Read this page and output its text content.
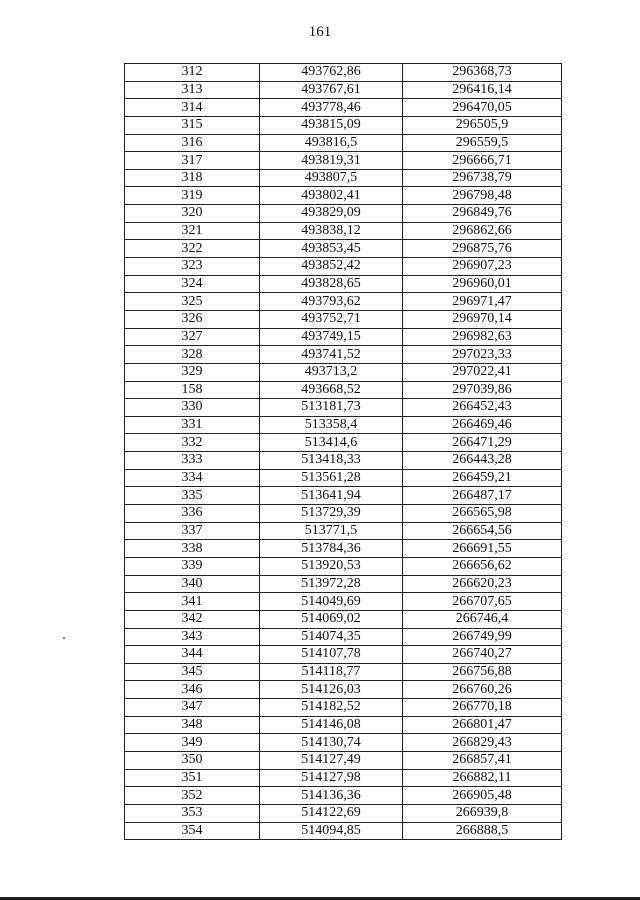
161
312	493762,86	296368,73
313	493767,61	296416,14
314	493778,46	296470,05
315	493815,09	296505,9
316	493816,5	296559,5
317	493819,31	296666,71
318	493807,5	296738,79
319	493802,41	296798,48
320	493829,09	296849,76
321	493838,12	296862,66
322	493853,45	296875,76
323	493852,42	296907,23
324	493828,65	296960,01
325	493793,62	296971,47
326	493752,71	296970,14
327	493749,15	296982,63
328	493741,52	297023,33
329	493713,2	297022,41
158	493668,52	297039,86
330	513181,73	266452,43
331	513358,4	266469,46
332	513414,6	266471,29
333	513418,33	266443,28
334	513561,28	266459,21
335	513641,94	266487,17
336	513729,39	266565,98
337	513771,5	266654,56
338	513784,36	266691,55
339	513920,53	266656,62
340	513972,28	266620,23
341	514049,69	266707,65
342	514069,02	266746,4
343	514074,35	266749,99
344	514107,78	266740,27
345	514118,77	266756,88
346	514126,03	266760,26
347	514182,52	266770,18
348	514146,08	266801,47
349	514130,74	266829,43
350	514127,49	266857,41
351	514127,98	266882,11
352	514136,36	266905,48
353	514122,69	266939,8
354	514094,85	266888,5
